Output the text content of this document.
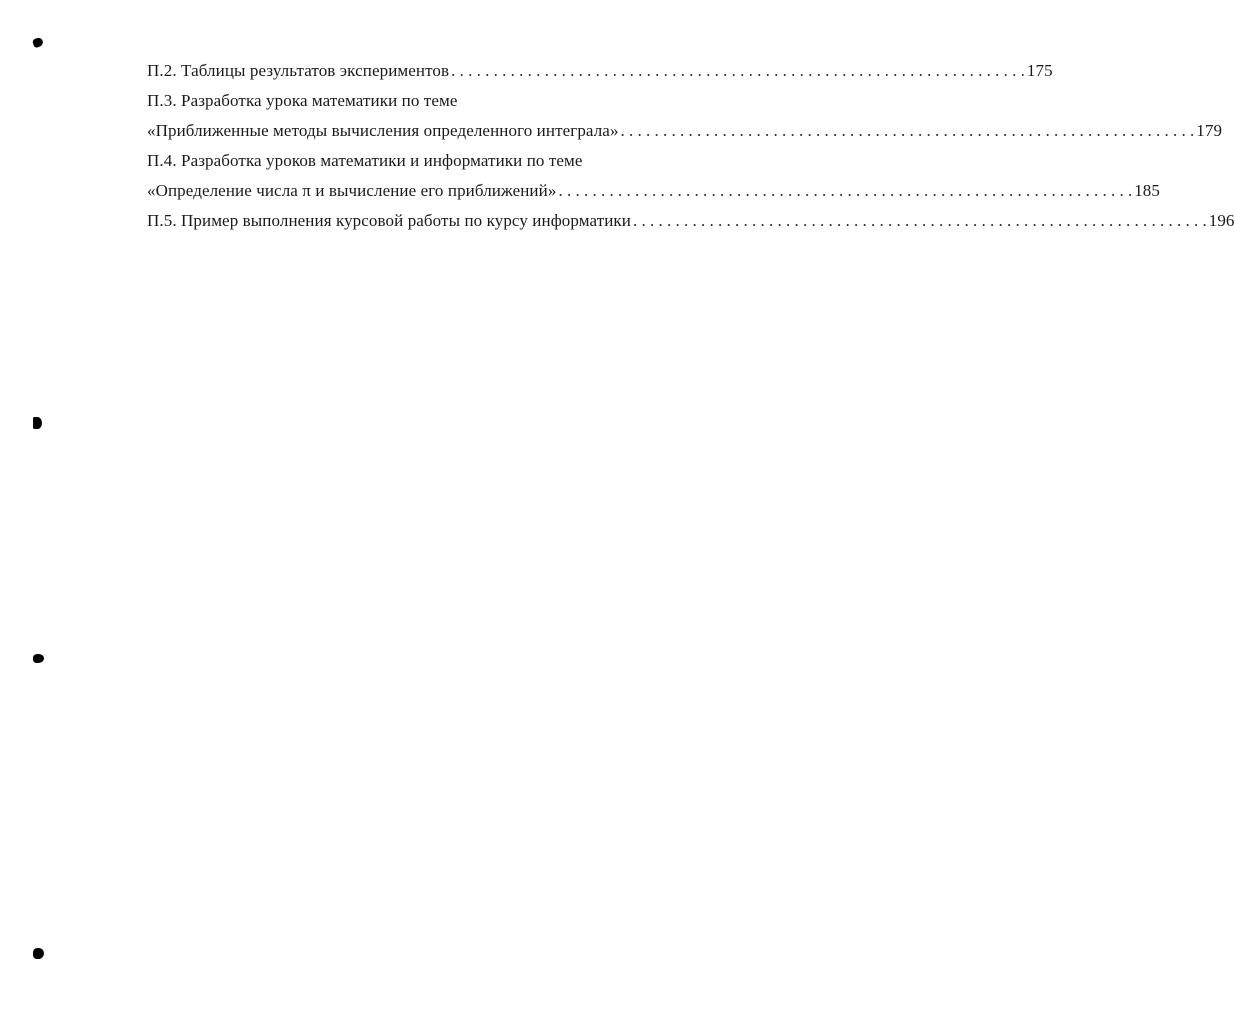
П.2. Таблицы результатов экспериментов . . .	175
П.3. Разработка урока математики по теме
«Приближенные методы вычисления определенного интеграла» . . .	179
П.4. Разработка уроков математики и информатики по теме
«Определение числа π и вычисление его приближений» . . .	185
П.5. Пример выполнения курсовой работы по курсу информатики . . .	196
